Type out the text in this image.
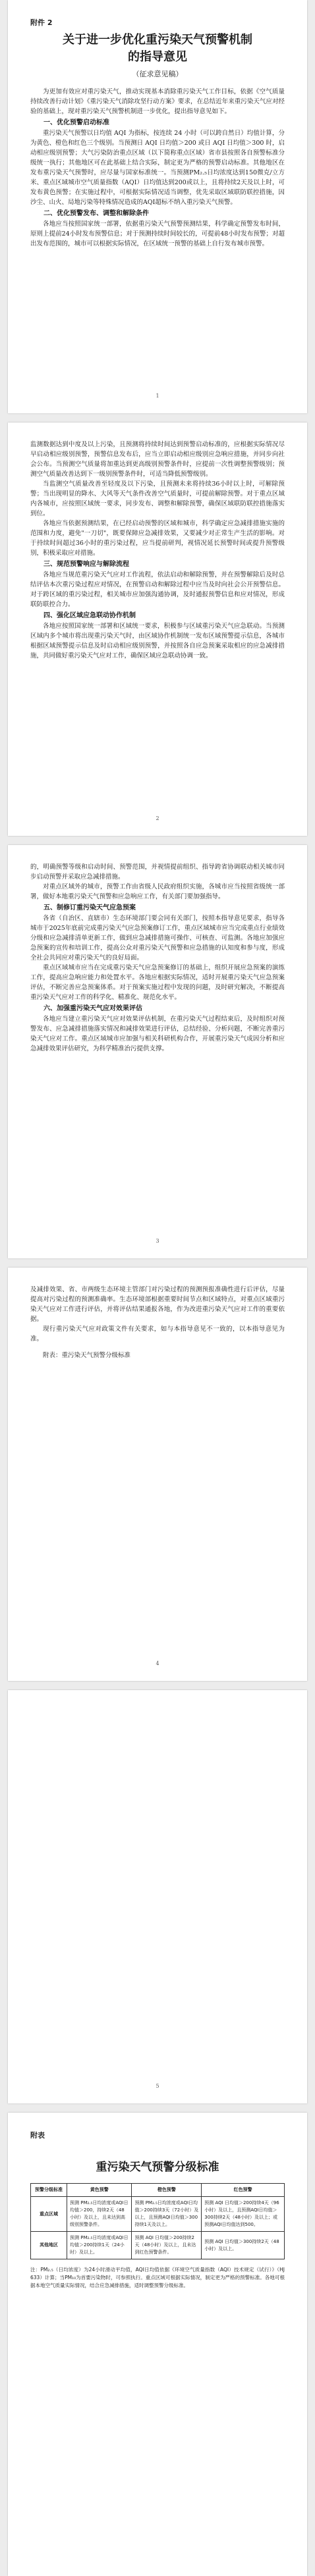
附件 2

关于进一步优化重污染天气预警机制

的指导意见

（征求意见稿）

为更加有效应对重污染天气，推动实现基本消除重污染天气工作目标，依据《空气质量持续改善行动计划》《重污染天气消除攻坚行动方案》要求，在总结近年来重污染天气应对经验的基础上，现对重污染天气预警机制进一步优化，提出指导意见如下。

一、优化预警启动标准

重污染天气预警以日均值 AQI 为指标，按连续 24 小时（可以跨自然日）均值计算，分为黄色、橙色和红色三个级别。当预测日 AQI 日均值＞200 或日 AQI 日均值＞300 时，启动相应级别预警；大气污染防治重点区域（以下简称重点区域）省市县按照各自预警标准分级统一执行；其他地区可在此基础上结合实际，制定更为严格的预警启动标准。其他地区在发布重污染天气预警时，应尽量与国家标准统一。当预测PM₂.₅日均浓度达到150微克/立方米、重点区域城市空气质量指数（AQI）日均值达到200或以上，且将持续2天及以上时，可发布黄色预警；在实施过程中，可根据实际情况适当调整，优先采取区域联防联控措施，因沙尘、山火、局地污染等特殊情况造成的AQI超标不纳入重污染天气预警。

二、优化预警发布、调整和解除条件

各地应当按照国家统一部署，依据重污染天气预警预测结果，科学确定预警发布时间，原则上提前24小时发布预警信息；对于预测持续时间较长的，可提前48小时发布预警；对超出发布范围的，城市可以根据实际情况，在区域统一预警的基础上自行发布城市预警。

1

监测数据达到中度及以上污染，且预测将持续时间达到预警启动标准的，应根据实际情况尽早启动相应级别预警，预警信息发布后，应当立即启动相应级别应急响应措施，并同步向社会公布。当预测空气质量将加重达到更高级别预警条件时，应提前一次性调整预警级别；预测空气质量改善达到下一级别预警条件时，可适当降低预警级别。

当监测空气质量改善至轻度及以下污染，且预测未来将持续36小时以上时，可解除预警；当出现明显的降水、大风等天气条件改善空气质量时，可提前解除预警。对于重点区域内各城市，应按照区域统一要求，同步发布、调整和解除预警，确保区域联防联控措施落实到位。

各地应当依据预测结果，在已经启动预警的区域和城市，科学确定应急减排措施实施的范围和力度，避免"一刀切"，既要保障应急减排效果，又要减少对正常生产生活的影响。对于持续时间超过36小时的重污染过程，应当提前研判，视情况延长预警时间或提升预警级别，积极采取应对措施。

三、规范预警响应与解除流程

各地应当规范重污染天气应对工作流程，依法启动和解除预警，并在预警解除后及时总结评估本次重污染过程应对情况，在预警启动和解除过程中应当及时向社会公开预警信息。对于跨区域的重污染过程，相关城市应加强沟通协调，及时通报预警信息和应对情况，形成联防联控合力。

四、强化区域应急联动协作机制

各地应按照国家统一部署和区域统一要求，积极参与区域重污染天气应急联动。当预测区域内多个城市将出现重污染天气时，由区域协作机制统一发布区域预警提示信息，各城市根据区域预警提示信息及时启动相应级别预警，并按照各自应急预案采取相应的应急减排措施，共同做好重污染天气应对工作，确保区域应急联动协调一致。

2

的，明确预警等级和启动时间、预警范围，并视情提前组织、指导跨省协调联动相关城市同步启动预警并采取应急减排措施。

对重点区域外的城市，预警工作由省级人民政府组织实施，各城市应当按照省级统一部署，做好本地重污染天气预警和应急响应工作，有关部门要加强指导。

五、制修订重污染天气应急预案

各省（自治区、直辖市）生态环境部门要会同有关部门，按照本指导意见要求，指导各城市于2025年底前完成重污染天气应急预案修订工作，重点区域城市应当完成重点行业绩效分级和应急减排清单更新工作，做到应急减排措施可操作、可核查、可监测。各地应加强应急预案的宣传和培训工作，提高公众对重污染天气预警和应急措施的认知度和参与度，形成全社会共同应对重污染天气的良好局面。

重点区域城市应当在完成重污染天气应急预案修订的基础上，组织开展应急预案的演练工作，提高应急响应能力和处置水平。各地应根据实际情况，适时开展重污染天气应急预案评估，不断完善应急预案体系。对于预案实施过程中发现的问题，及时研究解决，不断提高重污染天气应对工作的科学化、精准化、规范化水平。

六、加强重污染天气应对效果评估

各地应当建立重污染天气应对效果评估机制，在重污染天气过程结束后，及时组织对预警发布、应急减排措施落实情况和减排效果进行评估，总结经验、分析问题，不断完善重污染天气应对工作。重点区域城市应加强与相关科研机构合作，开展重污染天气成因分析和应急减排效果评估研究，为科学精准治污提供支撑。

3

及减排效果、省、市两级生态环境主管部门对污染过程的预测预报准确性进行后评估，尽量提高对污染过程的预测准确率。生态环境部根据重要时间节点和区域特点，对重点区域重污染天气应对工作进行评估，并将评估结果通报各地，作为改进重污染天气应对工作的重要依据。

现行重污染天气应对政策文件有关要求，如与本指导意见不一致的，以本指导意见为准。

附表：重污染天气预警分级标准

4
5
附表

重污染天气预警分级标准

预警分级标准	黄色预警	橙色预警	红色预警
重点区域	预测 PM₂.₅日均浓度或AQI日均值＞200，持续2天（48小时）及以上，且未达到高级别预警条件。	预测 PM₂.₅日均浓度或AQI日均值＞200持续3天（72小时）及以上，且预测AQI日均值＞300持续1天及以上。	预测 AQI 日均值＞200持续4天（96小时）及以上，且预测AQI日均值＞300持续2天（48小时）及以上；或预测AQI日均值达到500。
其他地区	预测 PM₂.₅日均浓度或AQI日均值＞200持续1天（24小时）及以上。	预测 AQI 日均值＞200持续2天（48小时）及以上，且未达到红色预警条件。	预测 AQI 日均值＞300持续2天（48小时）及以上。

注：PM₂.₅（日均浓度）为24小时滑动平均值，AQI日均值依据《环境空气质量指数（AQI）技术规定（试行）》（HJ 633）计算；当PM₁₀为首要污染物时，可参照执行。重点区域可根据实际情况，制定更为严格的预警标准。各地可根据本地空气质量实际情况，结合应急减排措施，适时调整预警分级标准。
